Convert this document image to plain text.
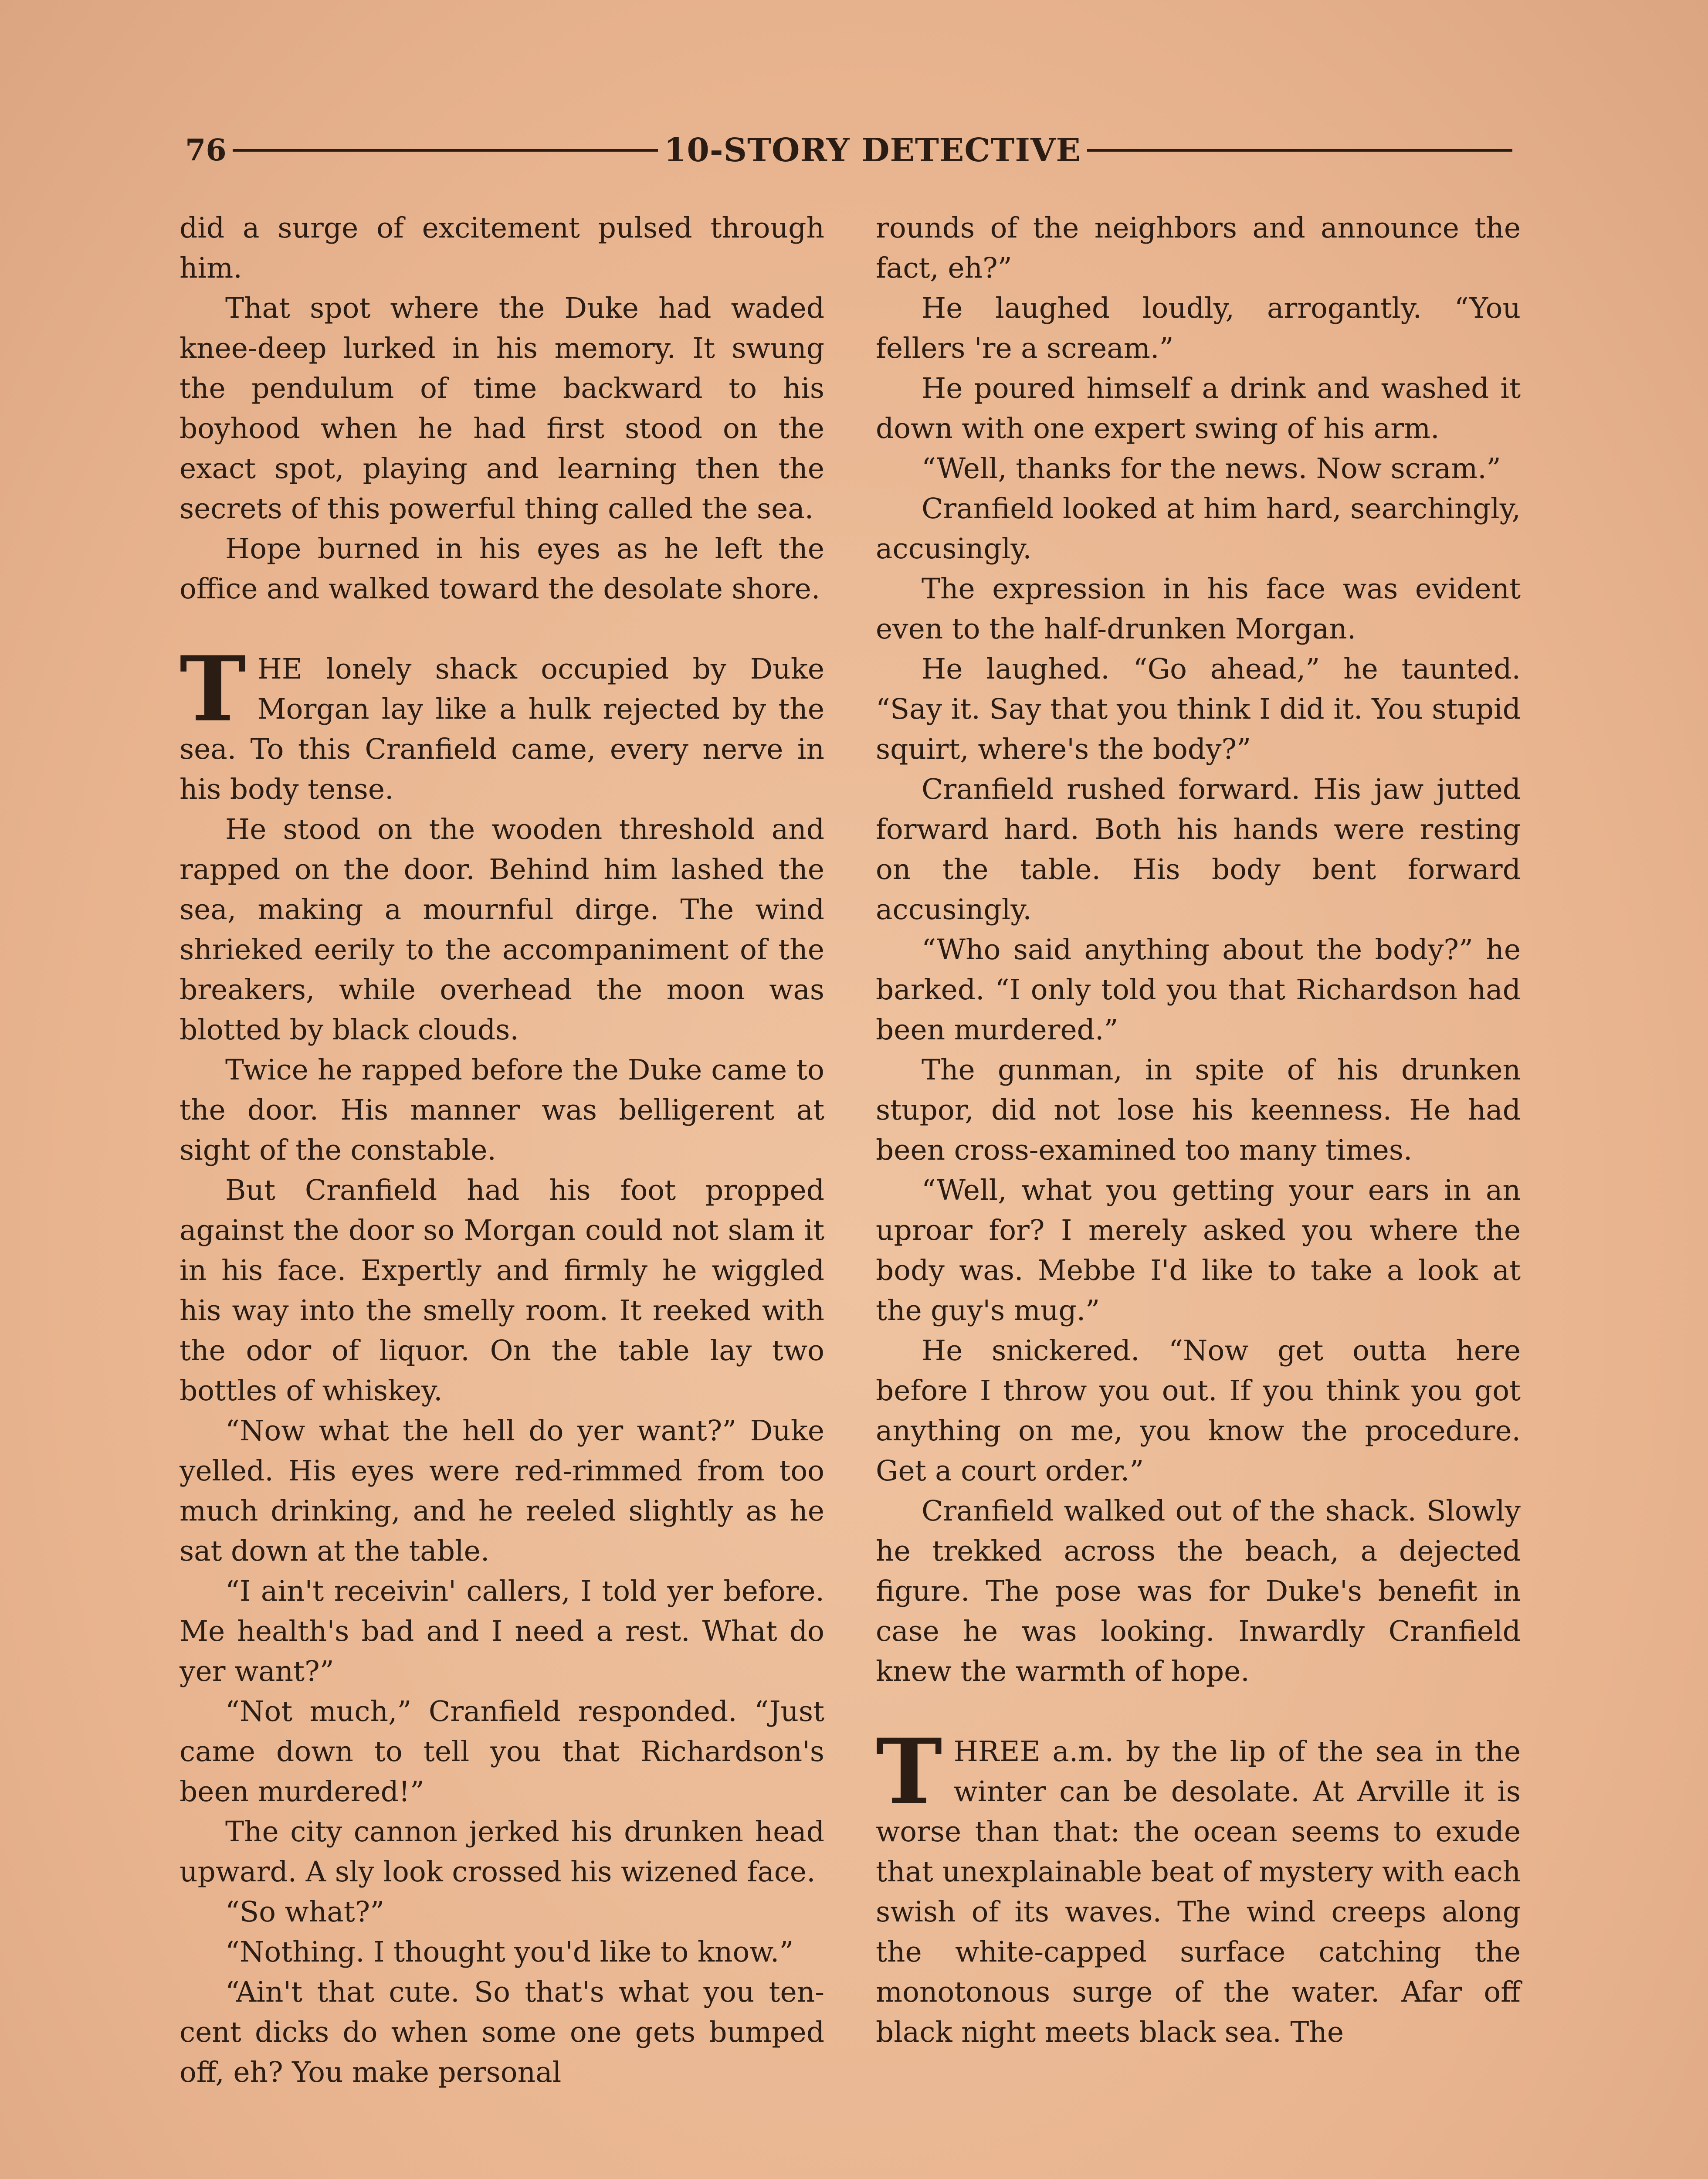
76	10-STORY DETECTIVE

did a surge of excitement pulsed through him.

That spot where the Duke had waded knee-deep lurked in his memory. It swung the pendulum of time backward to his boyhood when he had first stood on the exact spot, playing and learning then the secrets of this powerful thing called the sea.

Hope burned in his eyes as he left the office and walked toward the desolate shore.

THE lonely shack occupied by Duke Morgan lay like a hulk rejected by the sea. To this Cranfield came, every nerve in his body tense.

He stood on the wooden threshold and rapped on the door. Behind him lashed the sea, making a mournful dirge. The wind shrieked eerily to the accompaniment of the breakers, while overhead the moon was blotted by black clouds.

Twice he rapped before the Duke came to the door. His manner was belligerent at sight of the constable.

But Cranfield had his foot propped against the door so Morgan could not slam it in his face. Expertly and firmly he wiggled his way into the smelly room. It reeked with the odor of liquor. On the table lay two bottles of whiskey.

“Now what the hell do yer want?” Duke yelled. His eyes were red-rimmed from too much drinking, and he reeled slightly as he sat down at the table.

“I ain't receivin' callers, I told yer before. Me health's bad and I need a rest. What do yer want?”

“Not much,” Cranfield responded. “Just came down to tell you that Richardson's been murdered!”

The city cannon jerked his drunken head upward. A sly look crossed his wizened face.

“So what?”

“Nothing. I thought you'd like to know.”

“Ain't that cute. So that's what you ten-cent dicks do when some one gets bumped off, eh? You make personal

rounds of the neighbors and announce the fact, eh?”

He laughed loudly, arrogantly. “You fellers 're a scream.”

He poured himself a drink and washed it down with one expert swing of his arm.

“Well, thanks for the news. Now scram.”

Cranfield looked at him hard, searchingly, accusingly.

The expression in his face was evident even to the half-drunken Morgan.

He laughed. “Go ahead,” he taunted. “Say it. Say that you think I did it. You stupid squirt, where's the body?”

Cranfield rushed forward. His jaw jutted forward hard. Both his hands were resting on the table. His body bent forward accusingly.

“Who said anything about the body?” he barked. “I only told you that Richardson had been murdered.”

The gunman, in spite of his drunken stupor, did not lose his keenness. He had been cross-examined too many times.

“Well, what you getting your ears in an uproar for? I merely asked you where the body was. Mebbe I'd like to take a look at the guy's mug.”

He snickered. “Now get outta here before I throw you out. If you think you got anything on me, you know the procedure. Get a court order.”

Cranfield walked out of the shack. Slowly he trekked across the beach, a dejected figure. The pose was for Duke's benefit in case he was looking. Inwardly Cranfield knew the warmth of hope.

THREE a.m. by the lip of the sea in the winter can be desolate. At Arville it is worse than that: the ocean seems to exude that unexplainable beat of mystery with each swish of its waves. The wind creeps along the white-capped surface catching the monotonous surge of the water. Afar off black night meets black sea. The
